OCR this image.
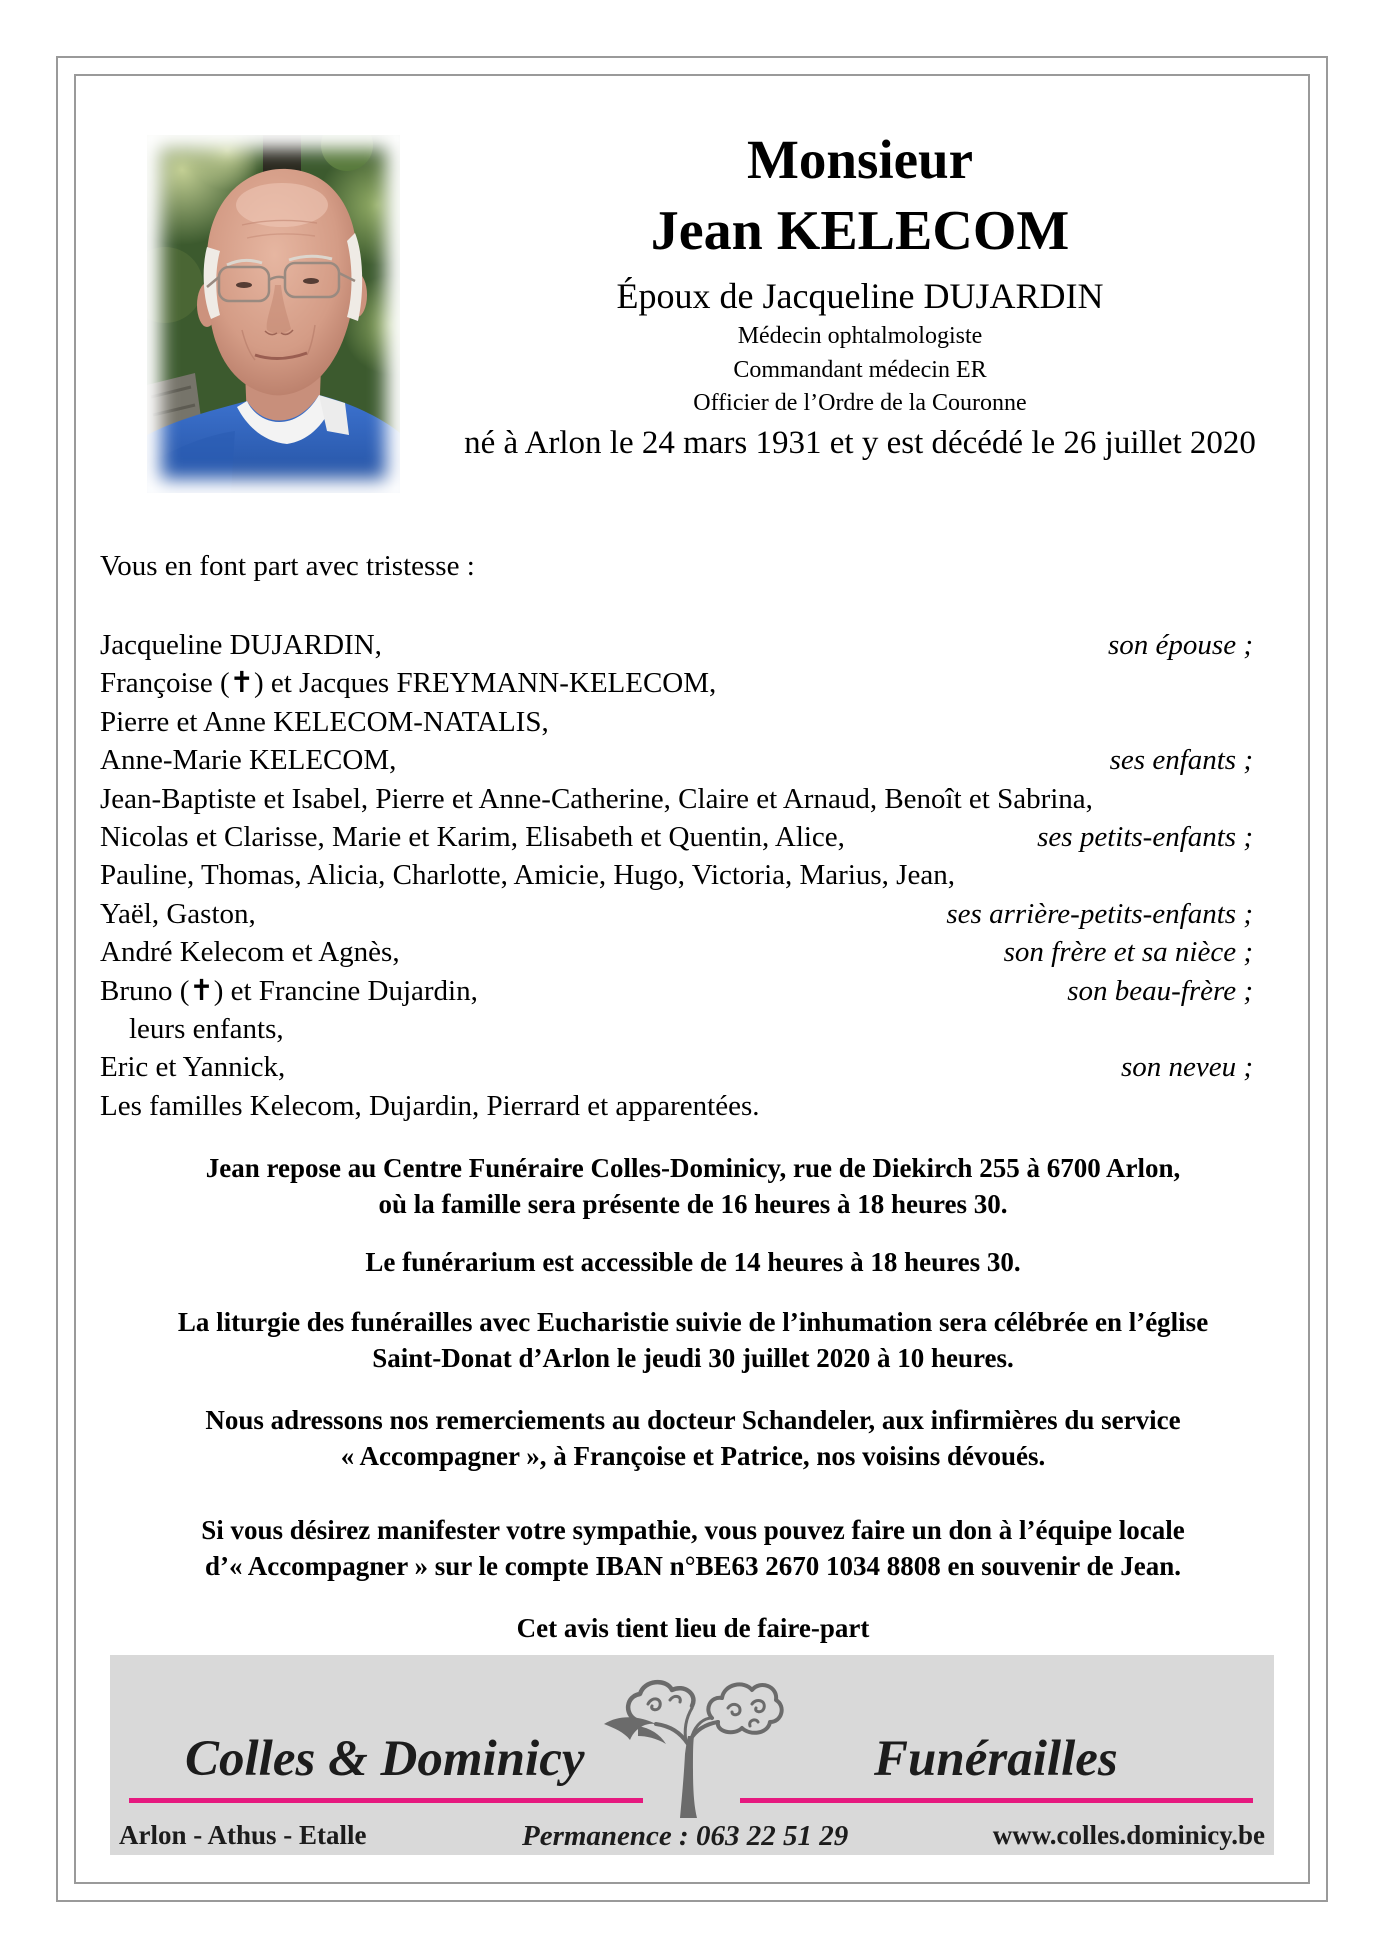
Monsieur
Jean KELECOM
Époux de Jacqueline DUJARDIN
Médecin ophtalmologiste
Commandant médecin ER
Officier de l’Ordre de la Couronne
né à Arlon le 24 mars 1931 et y est décédé le 26 juillet 2020
Vous en font part avec tristesse :
Jacqueline DUJARDIN,	son épouse ;
Françoise (✝) et Jacques FREYMANN-KELECOM,
Pierre et Anne KELECOM-NATALIS,
Anne-Marie KELECOM,	ses enfants ;
Jean-Baptiste et Isabel, Pierre et Anne-Catherine, Claire et Arnaud, Benoît et Sabrina,
Nicolas et Clarisse, Marie et Karim, Elisabeth et Quentin, Alice,	ses petits-enfants ;
Pauline, Thomas, Alicia, Charlotte, Amicie, Hugo, Victoria, Marius, Jean,
Yaël, Gaston,	ses arrière-petits-enfants ;
André Kelecom et Agnès,	son frère et sa nièce ;
Bruno (✝) et Francine Dujardin,	son beau-frère ;
leurs enfants,
Eric et Yannick,	son neveu ;
Les familles Kelecom, Dujardin, Pierrard et apparentées.
Jean repose au Centre Funéraire Colles-Dominicy, rue de Diekirch 255 à 6700 Arlon,
où la famille sera présente de 16 heures à 18 heures 30.
Le funérarium est accessible de 14 heures à 18 heures 30.
La liturgie des funérailles avec Eucharistie suivie de l’inhumation sera célébrée en l’église
Saint-Donat d’Arlon le jeudi 30 juillet 2020 à 10 heures.
Nous adressons nos remerciements au docteur Schandeler, aux infirmières du service
« Accompagner », à Françoise et Patrice, nos voisins dévoués.
Si vous désirez manifester votre sympathie, vous pouvez faire un don à l’équipe locale
d’« Accompagner » sur le compte IBAN n°BE63 2670 1034 8808 en souvenir de Jean.
Cet avis tient lieu de faire-part
Colles & Dominicy	Funérailles
Arlon - Athus - Etalle	Permanence : 063 22 51 29	www.colles.dominicy.be
